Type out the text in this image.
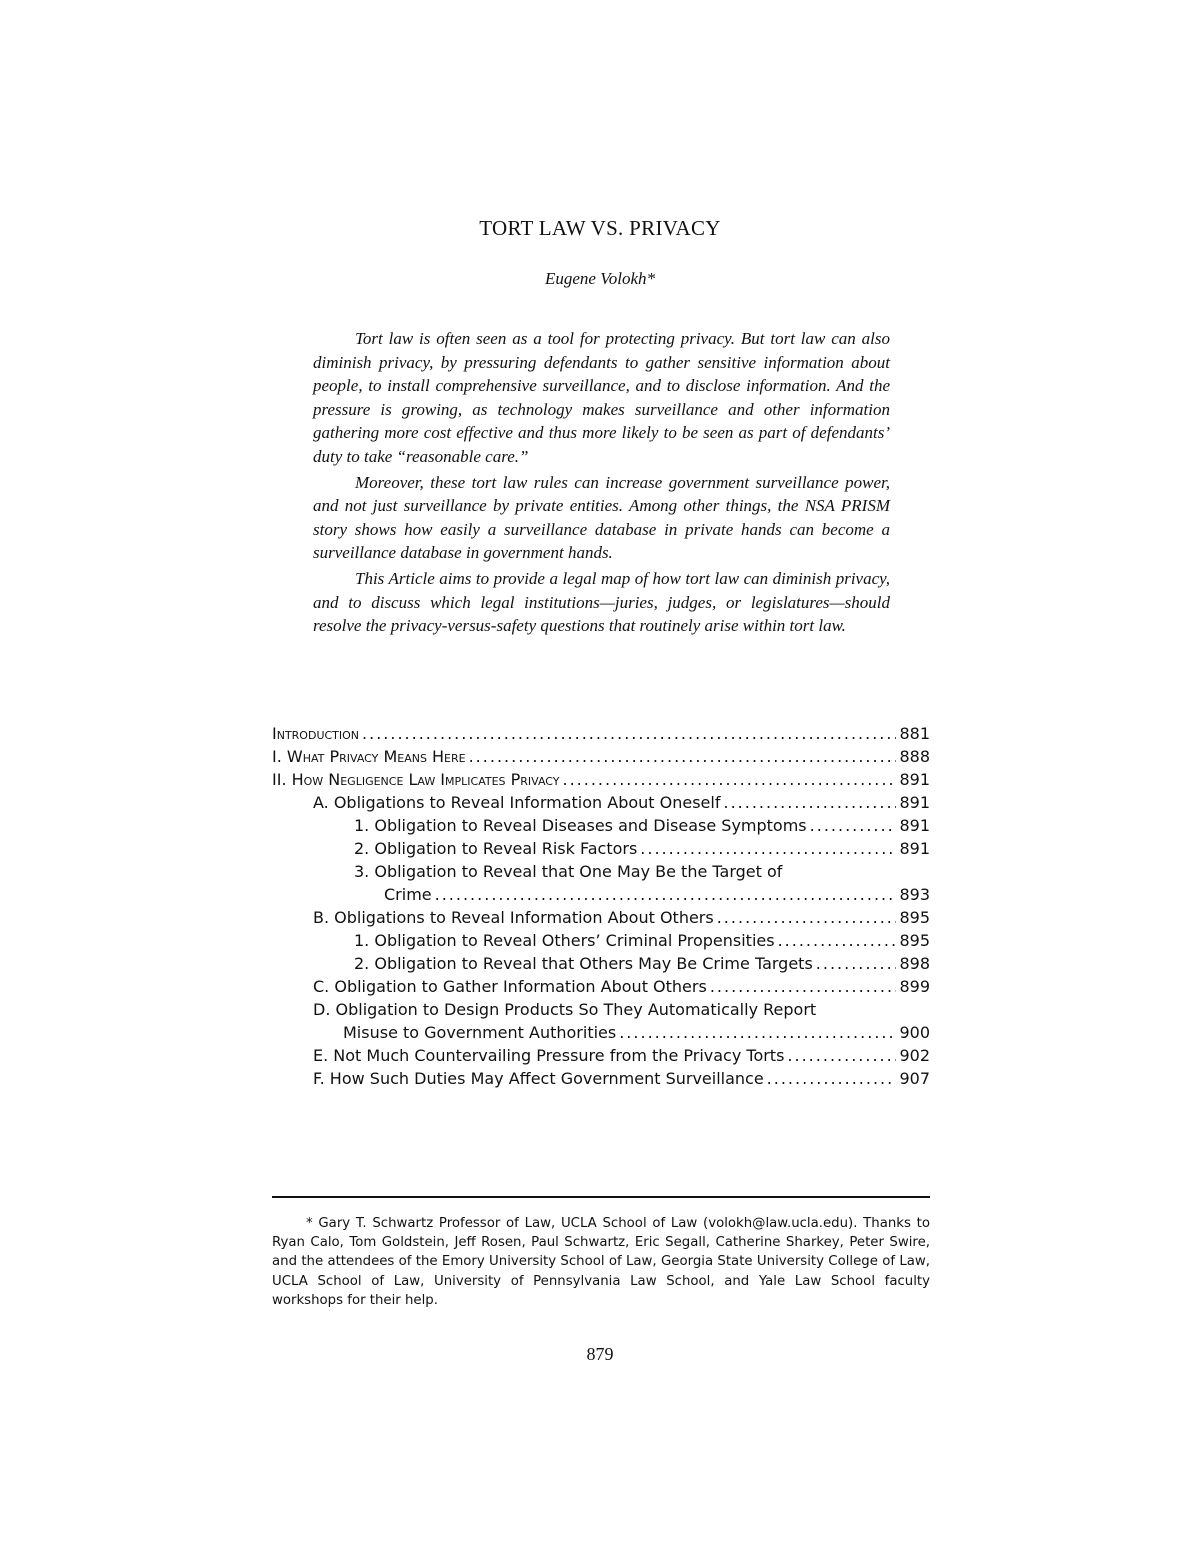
TORT LAW VS. PRIVACY

Eugene Volokh*

Tort law is often seen as a tool for protecting privacy. But tort law can also diminish privacy, by pressuring defendants to gather sensitive information about people, to install comprehensive surveillance, and to disclose information. And the pressure is growing, as technology makes surveillance and other information gathering more cost effective and thus more likely to be seen as part of defendants’ duty to take “reasonable care.”

Moreover, these tort law rules can increase government surveillance power, and not just surveillance by private entities. Among other things, the NSA PRISM story shows how easily a surveillance database in private hands can become a surveillance database in government hands.

This Article aims to provide a legal map of how tort law can diminish privacy, and to discuss which legal institutions—juries, judges, or legislatures—should resolve the privacy-versus-safety questions that routinely arise within tort law.

Introduction .....	881
I. What Privacy Means Here .....	888
II. How Negligence Law Implicates Privacy .....	891
A. Obligations to Reveal Information About Oneself .....	891
1. Obligation to Reveal Diseases and Disease Symptoms .....	891
2. Obligation to Reveal Risk Factors .....	891
3. Obligation to Reveal that One May Be the Target of
Crime .....	893
B. Obligations to Reveal Information About Others .....	895
1. Obligation to Reveal Others’ Criminal Propensities .....	895
2. Obligation to Reveal that Others May Be Crime Targets .....	898
C. Obligation to Gather Information About Others .....	899
D. Obligation to Design Products So They Automatically Report
Misuse to Government Authorities .....	900
E. Not Much Countervailing Pressure from the Privacy Torts .....	902
F. How Such Duties May Affect Government Surveillance .....	907

* Gary T. Schwartz Professor of Law, UCLA School of Law (volokh@law.ucla.edu). Thanks to Ryan Calo, Tom Goldstein, Jeff Rosen, Paul Schwartz, Eric Segall, Catherine Sharkey, Peter Swire, and the attendees of the Emory University School of Law, Georgia State University College of Law, UCLA School of Law, University of Pennsylvania Law School, and Yale Law School faculty workshops for their help.

879
